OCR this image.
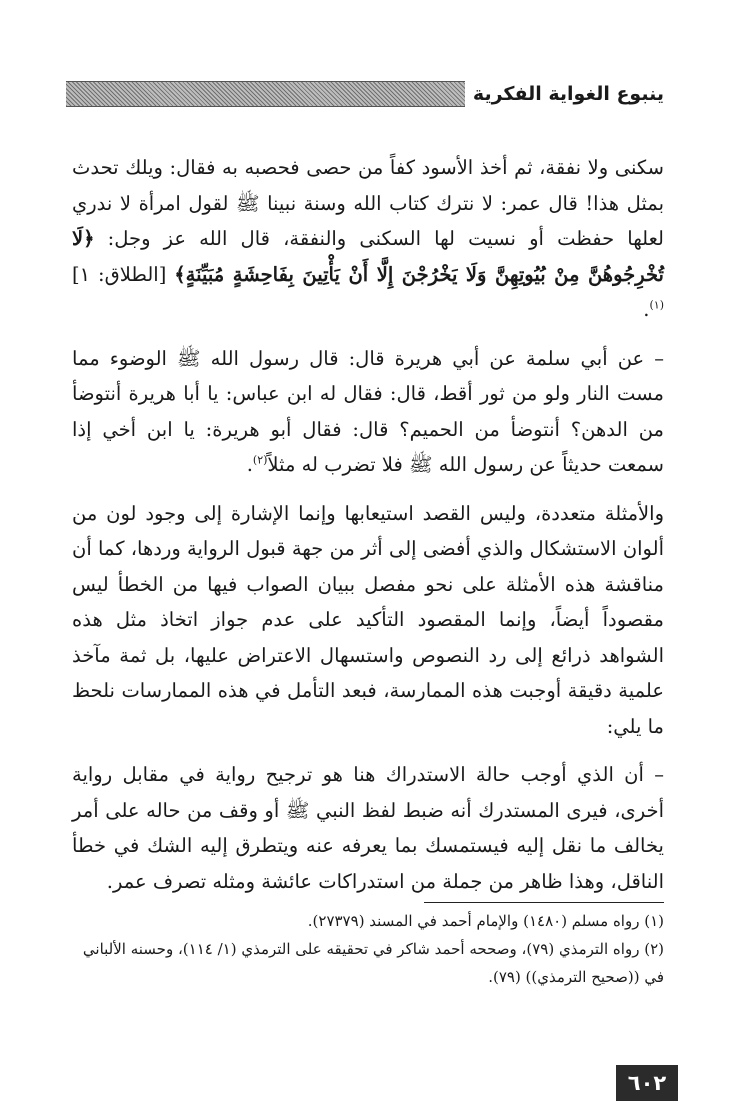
ينبوع الغواية الفكرية

سكنى ولا نفقة، ثم أخذ الأسود كفاً من حصى فحصبه به فقال: ويلك تحدث بمثل هذا! قال عمر: لا نترك كتاب الله وسنة نبينا ﷺ لقول امرأة لا ندري لعلها حفظت أو نسيت لها السكنى والنفقة، قال الله عز وجل: ﴿لَا تُخْرِجُوهُنَّ مِنْ بُيُوتِهِنَّ وَلَا يَخْرُجْنَ إِلَّا أَنْ يَأْتِينَ بِفَاحِشَةٍ مُبَيِّنَةٍ﴾ [الطلاق: ١]$^{(١)}$.

– عن أبي سلمة عن أبي هريرة قال: قال رسول الله ﷺ الوضوء مما مست النار ولو من ثور أقط، قال: فقال له ابن عباس: يا أبا هريرة أنتوضأ من الدهن؟ أنتوضأ من الحميم؟ قال: فقال أبو هريرة: يا ابن أخي إذا سمعت حديثاً عن رسول الله ﷺ فلا تضرب له مثلاً$^{(٢)}$.

والأمثلة متعددة، وليس القصد استيعابها وإنما الإشارة إلى وجود لون من ألوان الاستشكال والذي أفضى إلى أثر من جهة قبول الرواية وردها، كما أن مناقشة هذه الأمثلة على نحو مفصل ببيان الصواب فيها من الخطأ ليس مقصوداً أيضاً، وإنما المقصود التأكيد على عدم جواز اتخاذ مثل هذه الشواهد ذرائع إلى رد النصوص واستسهال الاعتراض عليها، بل ثمة مآخذ علمية دقيقة أوجبت هذه الممارسة، فبعد التأمل في هذه الممارسات نلحظ ما يلي:

– أن الذي أوجب حالة الاستدراك هنا هو ترجيح رواية في مقابل رواية أخرى، فيرى المستدرك أنه ضبط لفظ النبي ﷺ أو وقف من حاله على أمر يخالف ما نقل إليه فيستمسك بما يعرفه عنه ويتطرق إليه الشك في خطأ الناقل، وهذا ظاهر من جملة من استدراكات عائشة ومثله تصرف عمر.

(١) رواه مسلم (١٤٨٠) والإمام أحمد في المسند (٢٧٣٧٩).

(٢) رواه الترمذي (٧٩)، وصححه أحمد شاكر في تحقيقه على الترمذي (١/ ١١٤)، وحسنه الألباني في ((صحيح الترمذي)) (٧٩).

٦٠٢
